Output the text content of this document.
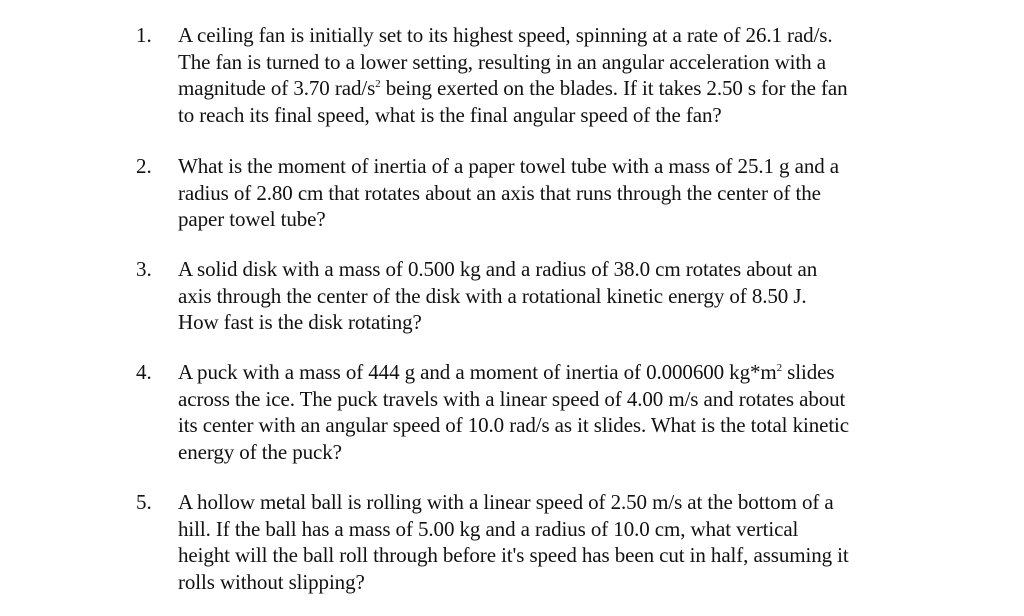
1. A ceiling fan is initially set to its highest speed, spinning at a rate of 26.1 rad/s.
The fan is turned to a lower setting, resulting in an angular acceleration with a
magnitude of 3.70 rad/$s^2$ being exerted on the blades. If it takes 2.50 s for the fan
to reach its final speed, what is the final angular speed of the fan?
2. What is the moment of inertia of a paper towel tube with a mass of 25.1 g and a
radius of 2.80 cm that rotates about an axis that runs through the center of the
paper towel tube?
3. A solid disk with a mass of 0.500 kg and a radius of 38.0 cm rotates about an
axis through the center of the disk with a rotational kinetic energy of 8.50 J.
How fast is the disk rotating?
4. A puck with a mass of 444 g and a moment of inertia of 0.000600 $kg*m^2$ slides
across the ice. The puck travels with a linear speed of 4.00 m/s and rotates about
its center with an angular speed of 10.0 rad/s as it slides. What is the total kinetic
energy of the puck?
5. A hollow metal ball is rolling with a linear speed of 2.50 m/s at the bottom of a
hill. If the ball has a mass of 5.00 kg and a radius of 10.0 cm, what vertical
height will the ball roll through before it's speed has been cut in half, assuming it
rolls without slipping?
